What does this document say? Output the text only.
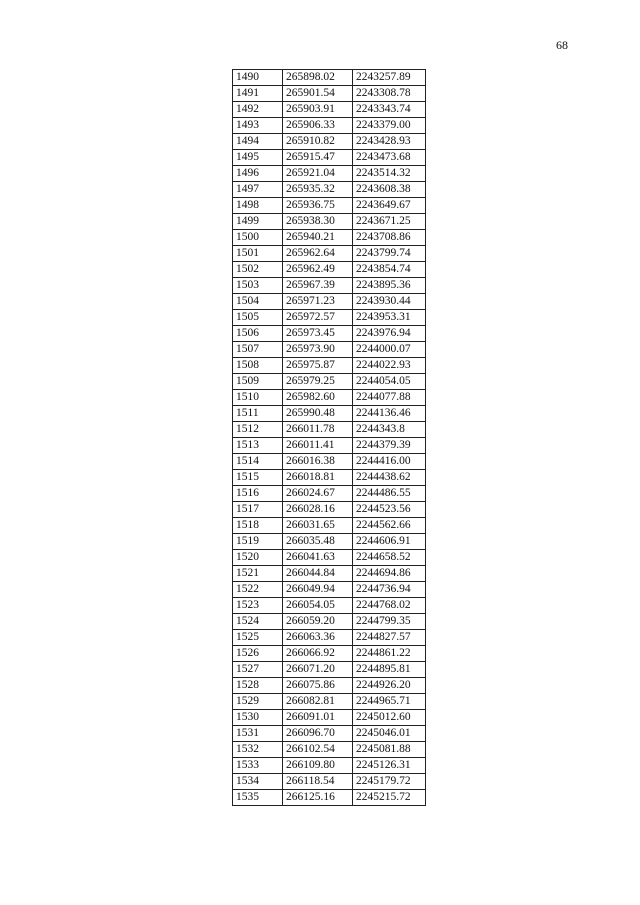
68
1490	265898.02	2243257.89
1491	265901.54	2243308.78
1492	265903.91	2243343.74
1493	265906.33	2243379.00
1494	265910.82	2243428.93
1495	265915.47	2243473.68
1496	265921.04	2243514.32
1497	265935.32	2243608.38
1498	265936.75	2243649.67
1499	265938.30	2243671.25
1500	265940.21	2243708.86
1501	265962.64	2243799.74
1502	265962.49	2243854.74
1503	265967.39	2243895.36
1504	265971.23	2243930.44
1505	265972.57	2243953.31
1506	265973.45	2243976.94
1507	265973.90	2244000.07
1508	265975.87	2244022.93
1509	265979.25	2244054.05
1510	265982.60	2244077.88
1511	265990.48	2244136.46
1512	266011.78	2244343.8
1513	266011.41	2244379.39
1514	266016.38	2244416.00
1515	266018.81	2244438.62
1516	266024.67	2244486.55
1517	266028.16	2244523.56
1518	266031.65	2244562.66
1519	266035.48	2244606.91
1520	266041.63	2244658.52
1521	266044.84	2244694.86
1522	266049.94	2244736.94
1523	266054.05	2244768.02
1524	266059.20	2244799.35
1525	266063.36	2244827.57
1526	266066.92	2244861.22
1527	266071.20	2244895.81
1528	266075.86	2244926.20
1529	266082.81	2244965.71
1530	266091.01	2245012.60
1531	266096.70	2245046.01
1532	266102.54	2245081.88
1533	266109.80	2245126.31
1534	266118.54	2245179.72
1535	266125.16	2245215.72
